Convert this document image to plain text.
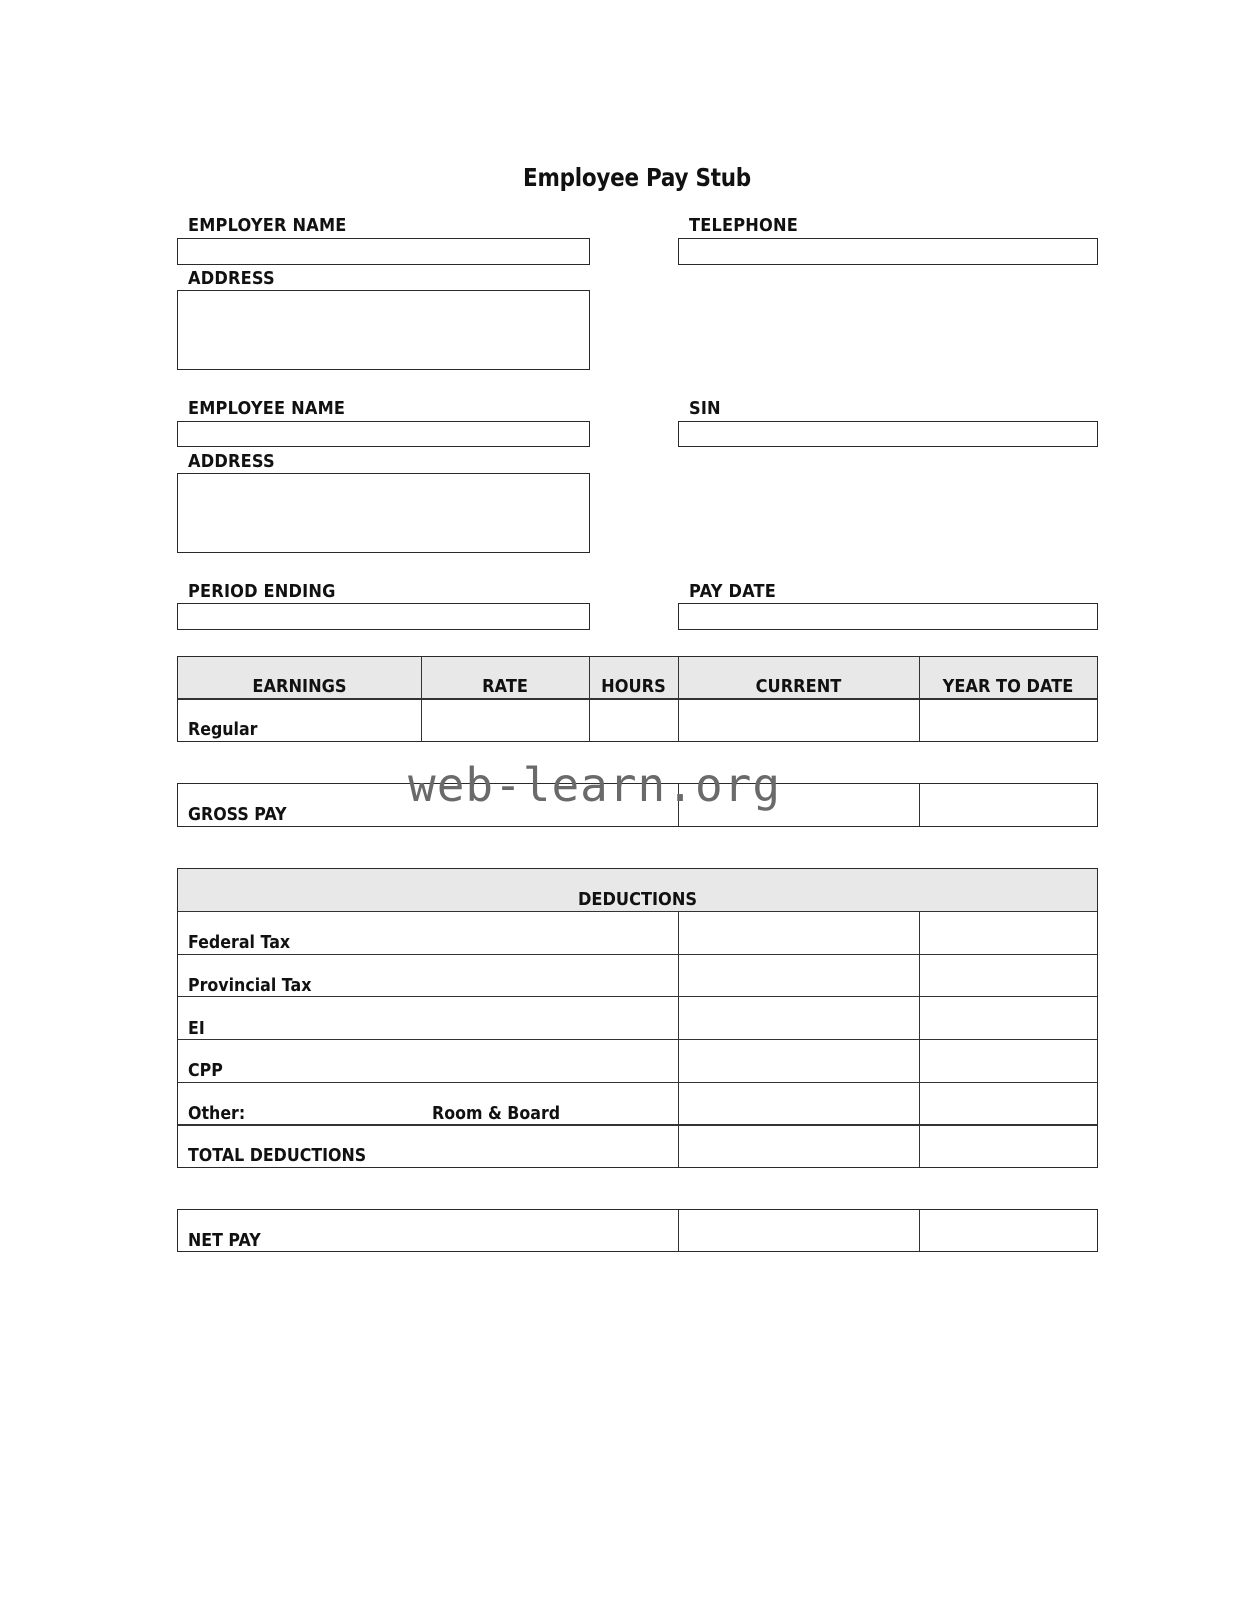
Employee Pay Stub
EMPLOYER NAME
ADDRESS
TELEPHONE
EMPLOYEE NAME
ADDRESS
SIN
PERIOD ENDING	PAY DATE
EARNINGS	RATE	HOURS	CURRENT	YEAR TO DATE
Regular
GROSS PAY
web-learn.org
DEDUCTIONS
Federal Tax
Provincial Tax
EI
CPP
Other:	Room & Board
TOTAL DEDUCTIONS
NET PAY
